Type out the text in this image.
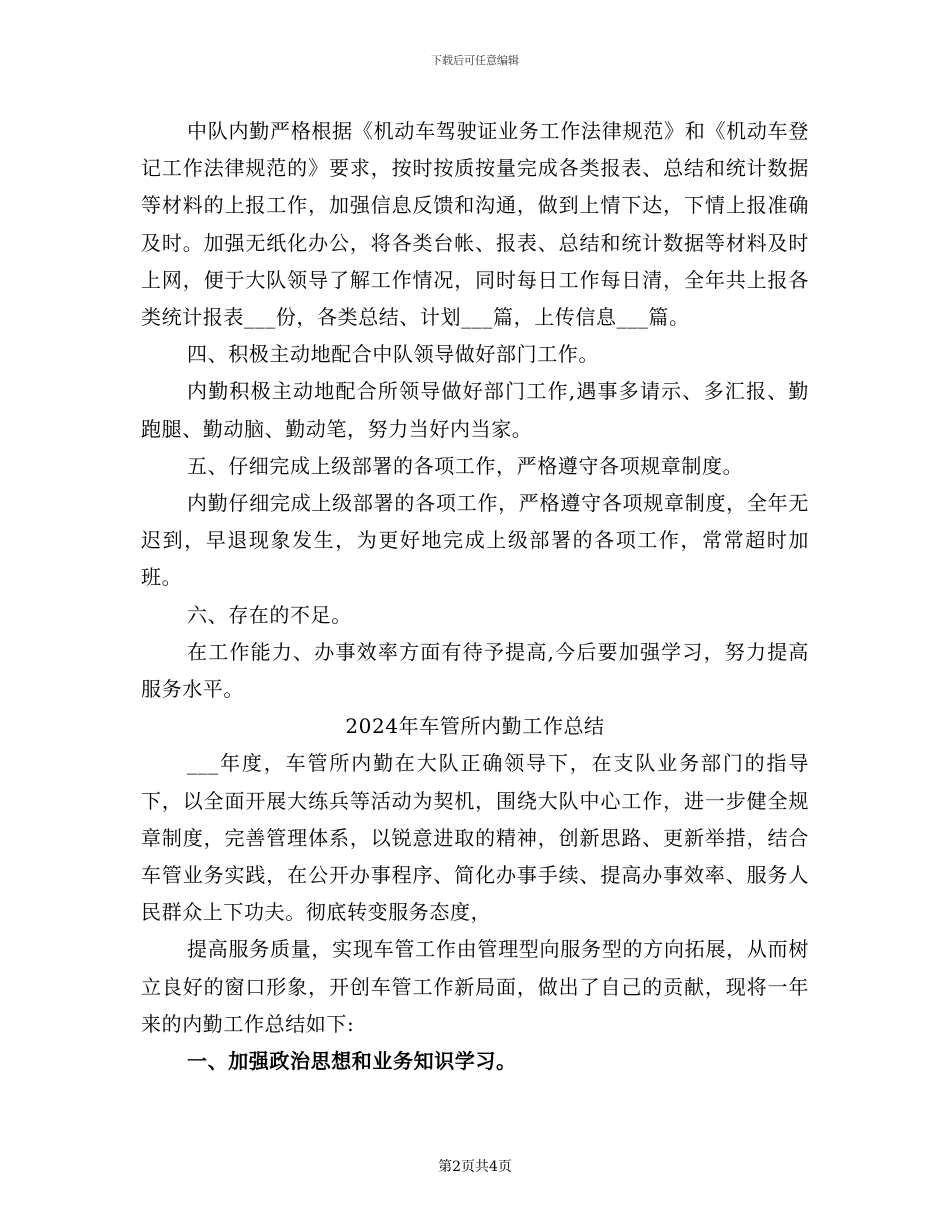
下载后可任意编辑

中队内勤严格根据《机动车驾驶证业务工作法律规范》和《机动车登记工作法律规范的》要求，按时按质按量完成各类报表、总结和统计数据等材料的上报工作，加强信息反馈和沟通，做到上情下达，下情上报准确及时。加强无纸化办公，将各类台帐、报表、总结和统计数据等材料及时上网，便于大队领导了解工作情况，同时每日工作每日清，全年共上报各类统计报表___份，各类总结、计划___篇，上传信息___篇。

四、积极主动地配合中队领导做好部门工作。

内勤积极主动地配合所领导做好部门工作,遇事多请示、多汇报、勤跑腿、勤动脑、勤动笔，努力当好内当家。

五、仔细完成上级部署的各项工作，严格遵守各项规章制度。

内勤仔细完成上级部署的各项工作，严格遵守各项规章制度，全年无迟到，早退现象发生，为更好地完成上级部署的各项工作，常常超时加班。

六、存在的不足。

在工作能力、办事效率方面有待予提高,今后要加强学习，努力提高服务水平。

2024年车管所内勤工作总结

___年度，车管所内勤在大队正确领导下，在支队业务部门的指导下，以全面开展大练兵等活动为契机，围绕大队中心工作，进一步健全规章制度，完善管理体系，以锐意进取的精神，创新思路、更新举措，结合车管业务实践，在公开办事程序、简化办事手续、提高办事效率、服务人民群众上下功夫。彻底转变服务态度，

提高服务质量，实现车管工作由管理型向服务型的方向拓展，从而树立良好的窗口形象，开创车管工作新局面，做出了自己的贡献，现将一年来的内勤工作总结如下:

一、加强政治思想和业务知识学习。

第2页共4页
